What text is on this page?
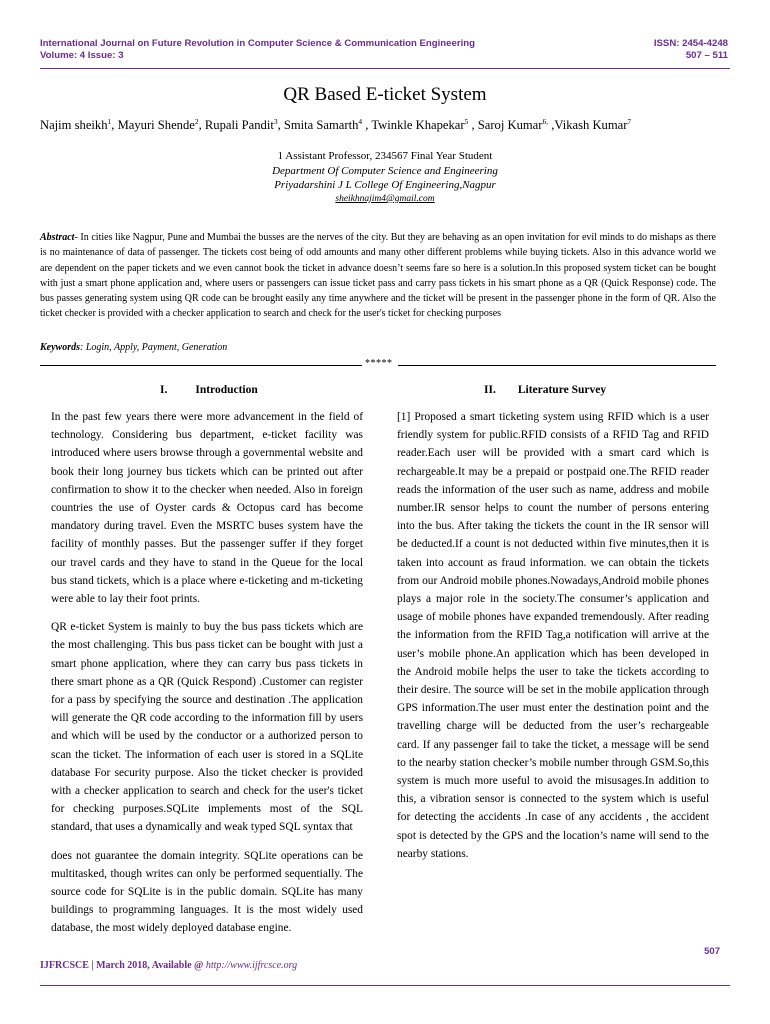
International Journal on Future Revolution in Computer Science & Communication Engineering
Volume: 4 Issue: 3
ISSN: 2454-4248
507 – 511
QR Based E-ticket System
Najim sheikh$^1$, Mayuri Shende$^2$, Rupali Pandit$^3$, Smita Samarth$^4$ , Twinkle Khapekar$^5$ , Saroj Kumar$^{6,}$ ,Vikash Kumar$^7$
1 Assistant Professor, 234567 Final Year Student
Department Of Computer Science and Engineering
Priyadarshini J L College Of Engineering,Nagpur
sheikhnajim4@gmail.com
Abstract- In cities like Nagpur, Pune and Mumbai the busses are the nerves of the city. But they are behaving as an open invitation for evil minds to do mishaps as there is no maintenance of data of passenger. The tickets cost being of odd amounts and many other different problems while buying tickets. Also in this advance world we are dependent on the paper tickets and we even cannot book the ticket in advance doesn’t seems fare so here is a solution.In this proposed system ticket can be bought with just a smart phone application and, where users or passengers can issue ticket pass and carry pass tickets in his smart phone as a QR (Quick Response) code. The bus passes generating system using QR code can be brought easily any time anywhere and the ticket will be present in the passenger phone in the form of QR. Also the ticket checker is provided with a checker application to search and check for the user's ticket for checking purposes
Keywords: Login, Apply, Payment, Generation
*****
I. Introduction	II. Literature Survey

In the past few years there were more advancement in the field of technology. Considering bus department, e-ticket facility was introduced where users browse through a governmental website and book their long journey bus tickets which can be printed out after confirmation to show it to the checker when needed. Also in foreign countries the use of Oyster cards & Octopus card has become mandatory during travel. Even the MSRTC buses system have the facility of monthly passes. But the passenger suffer if they forget our travel cards and they have to stand in the Queue for the local bus stand tickets, which is a place where e-ticketing and m-ticketing were able to lay their foot prints.

QR e-ticket System is mainly to buy the bus pass tickets which are the most challenging. This bus pass ticket can be bought with just a smart phone application, where they can carry bus pass tickets in there smart phone as a QR (Quick Respond) .Customer can register for a pass by specifying the source and destination .The application will generate the QR code according to the information fill by users and which will be used by the conductor or a authorized person to scan the ticket. The information of each user is stored in a SQLite database For security purpose. Also the ticket checker is provided with a checker application to search and check for the user's ticket for checking purposes.SQLite implements most of the SQL standard, that uses a dynamically and weak typed SQL syntax that

does not guarantee the domain integrity. SQLite operations can be multitasked, though writes can only be performed sequentially. The source code for SQLite is in the public domain. SQLite has many buildings to programming languages. It is the most widely used database, the most widely deployed database engine.

[1] Proposed a smart ticketing system using RFID which is a user friendly system for public.RFID consists of a RFID Tag and RFID reader.Each user will be provided with a smart card which is rechargeable.It may be a prepaid or postpaid one.The RFID reader reads the information of the user such as name, address and mobile number.IR sensor helps to count the number of persons entering into the bus. After taking the tickets the count in the IR sensor will be deducted.If a count is not deducted within five minutes,then it is taken into account as fraud information. we can obtain the tickets from our Android mobile phones.Nowadays,Android mobile phones plays a major role in the society.The consumer’s application and usage of mobile phones have expanded tremendously. After reading the information from the RFID Tag,a notification will arrive at the user’s mobile phone.An application which has been developed in the Android mobile helps the user to take the tickets according to their desire. The source will be set in the mobile application through GPS information.The user must enter the destination point and the travelling charge will be deducted from the user’s rechargeable card. If any passenger fail to take the ticket, a message will be send to the nearby station checker’s mobile number through GSM.So,this system is much more useful to avoid the misusages.In addition to this, a vibration sensor is connected to the system which is useful for detecting the accidents .In case of any accidents , the accident spot is detected by the GPS and the location’s name will send to the nearby stations.

507
IJFRCSCE | March 2018, Available @ http://www.ijfrcsce.org
